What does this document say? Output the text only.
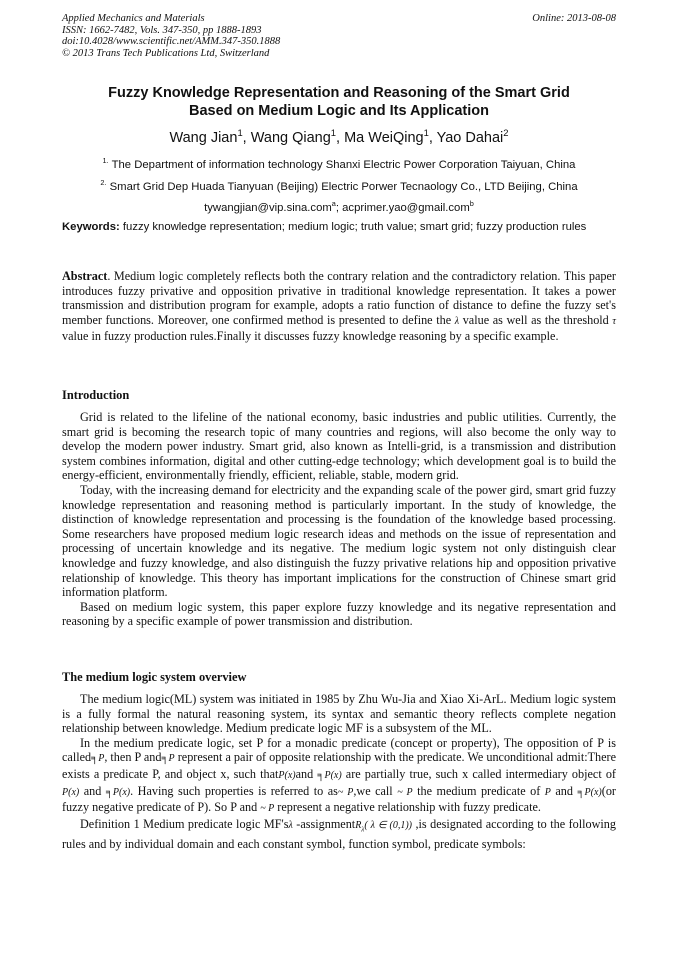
Applied Mechanics and Materials
ISSN: 1662-7482, Vols. 347-350, pp 1888-1893
doi:10.4028/www.scientific.net/AMM.347-350.1888
© 2013 Trans Tech Publications Ltd, Switzerland
Online: 2013-08-08
Fuzzy Knowledge Representation and Reasoning of the Smart Grid
Based on Medium Logic and Its Application
Wang Jian$^1$, Wang Qiang$^1$, Ma WeiQing$^1$, Yao Dahai$^2$
$^{1.}$ The Department of information technology Shanxi Electric Power Corporation Taiyuan, China
$^{2.}$ Smart Grid Dep Huada Tianyuan (Beijing) Electric Porwer Tecnaology Co., LTD Beijing, China
tywangjian@vip.sina.com$^a$; acprimer.yao@gmail.com$^b$
Keywords: fuzzy knowledge representation; medium logic; truth value; smart grid; fuzzy production rules

Abstract. Medium logic completely reflects both the contrary relation and the contradictory relation. This paper introduces fuzzy privative and opposition privative in traditional knowledge representation. It takes a power transmission and distribution program for example, adopts a ratio function of distance to define the fuzzy set's member functions. Moreover, one confirmed method is presented to define the λ value as well as the threshold τ value in fuzzy production rules.Finally it discusses fuzzy knowledge reasoning by a specific example.

Introduction

Grid is related to the lifeline of the national economy, basic industries and public utilities. Currently, the smart grid is becoming the research topic of many countries and regions, will also become the only way to develop the modern power industry. Smart grid, also known as Intelli-grid, is a transmission and distribution system combines information, digital and other cutting-edge technology; which development goal is to build the energy-efficient, environmentally friendly, efficient, reliable, stable, modern grid.

Today, with the increasing demand for electricity and the expanding scale of the power gird, smart grid fuzzy knowledge representation and reasoning method is particularly important. In the study of knowledge, the distinction of knowledge representation and processing is the foundation of the knowledge based processing. Some researchers have proposed medium logic research ideas and methods on the issue of representation and processing of uncertain knowledge and its negative. The medium logic system not only distinguish clear knowledge and fuzzy knowledge, and also distinguish the fuzzy privative relations hip and opposition privative relationship of knowledge. This theory has important implications for the construction of Chinese smart grid information platform.

Based on medium logic system, this paper explore fuzzy knowledge and its negative representation and reasoning by a specific example of power transmission and distribution.

The medium logic system overview

The medium logic(ML) system was initiated in 1985 by Zhu Wu-Jia and Xiao Xi-ArL. Medium logic system is a fully formal the natural reasoning system, its syntax and semantic theory reflects complete negation relationship between knowledge. Medium predicate logic MF is a subsystem of the ML.

In the medium predicate logic, set P for a monadic predicate (concept or property), The opposition of P is called╕P, then P and╕P represent a pair of opposite relationship with the predicate. We unconditional admit:There exists a predicate P, and object x, such thatP(x)and ╕P(x) are partially true, such x called intermediary object of P(x) and ╕P(x). Having such properties is referred to as~ P,we call ~ P the medium predicate of P and ╕P(x)(or fuzzy negative predicate of P). So P and ~ P represent a negative relationship with fuzzy predicate.

Definition 1 Medium predicate logic MF'sλ -assignmentR$_\lambda$( λ ∈ (0,1)) ,is designated according to the following rules and by individual domain and each constant symbol, function symbol, predicate symbols:
